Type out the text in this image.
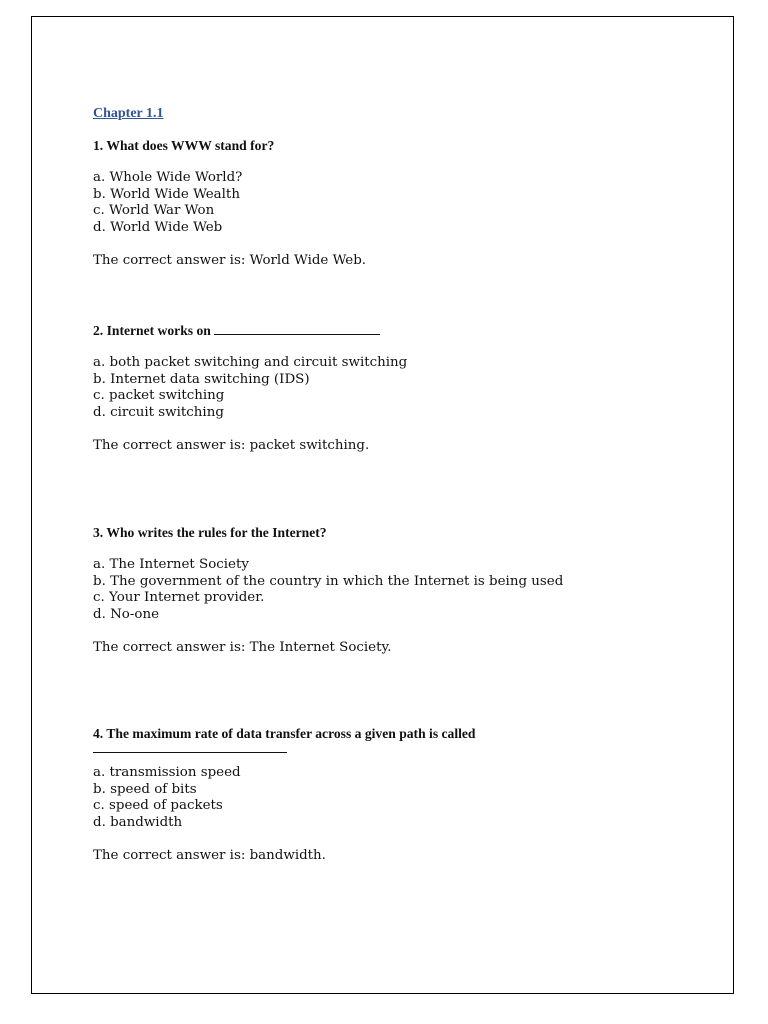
Chapter 1.1

1. What does WWW stand for?

a. Whole Wide World?
b. World Wide Wealth
c. World War Won
d. World Wide Web

The correct answer is: World Wide Web.

2. Internet works on

a. both packet switching and circuit switching
b. Internet data switching (IDS)
c. packet switching
d. circuit switching

The correct answer is: packet switching.

3. Who writes the rules for the Internet?

a. The Internet Society
b. The government of the country in which the Internet is being used
c. Your Internet provider.
d. No-one

The correct answer is: The Internet Society.

4. The maximum rate of data transfer across a given path is called

a. transmission speed
b. speed of bits
c. speed of packets
d. bandwidth

The correct answer is: bandwidth.
